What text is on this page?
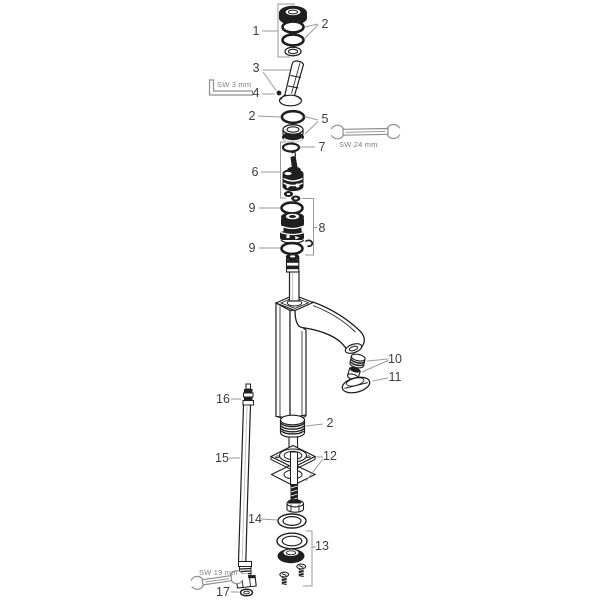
1	2
SW 3 mm
3
4
SW 24 mm
2	5
7
6
9
8
9
10
11
2
12
14
13
SW 19 mm
16
15
17
